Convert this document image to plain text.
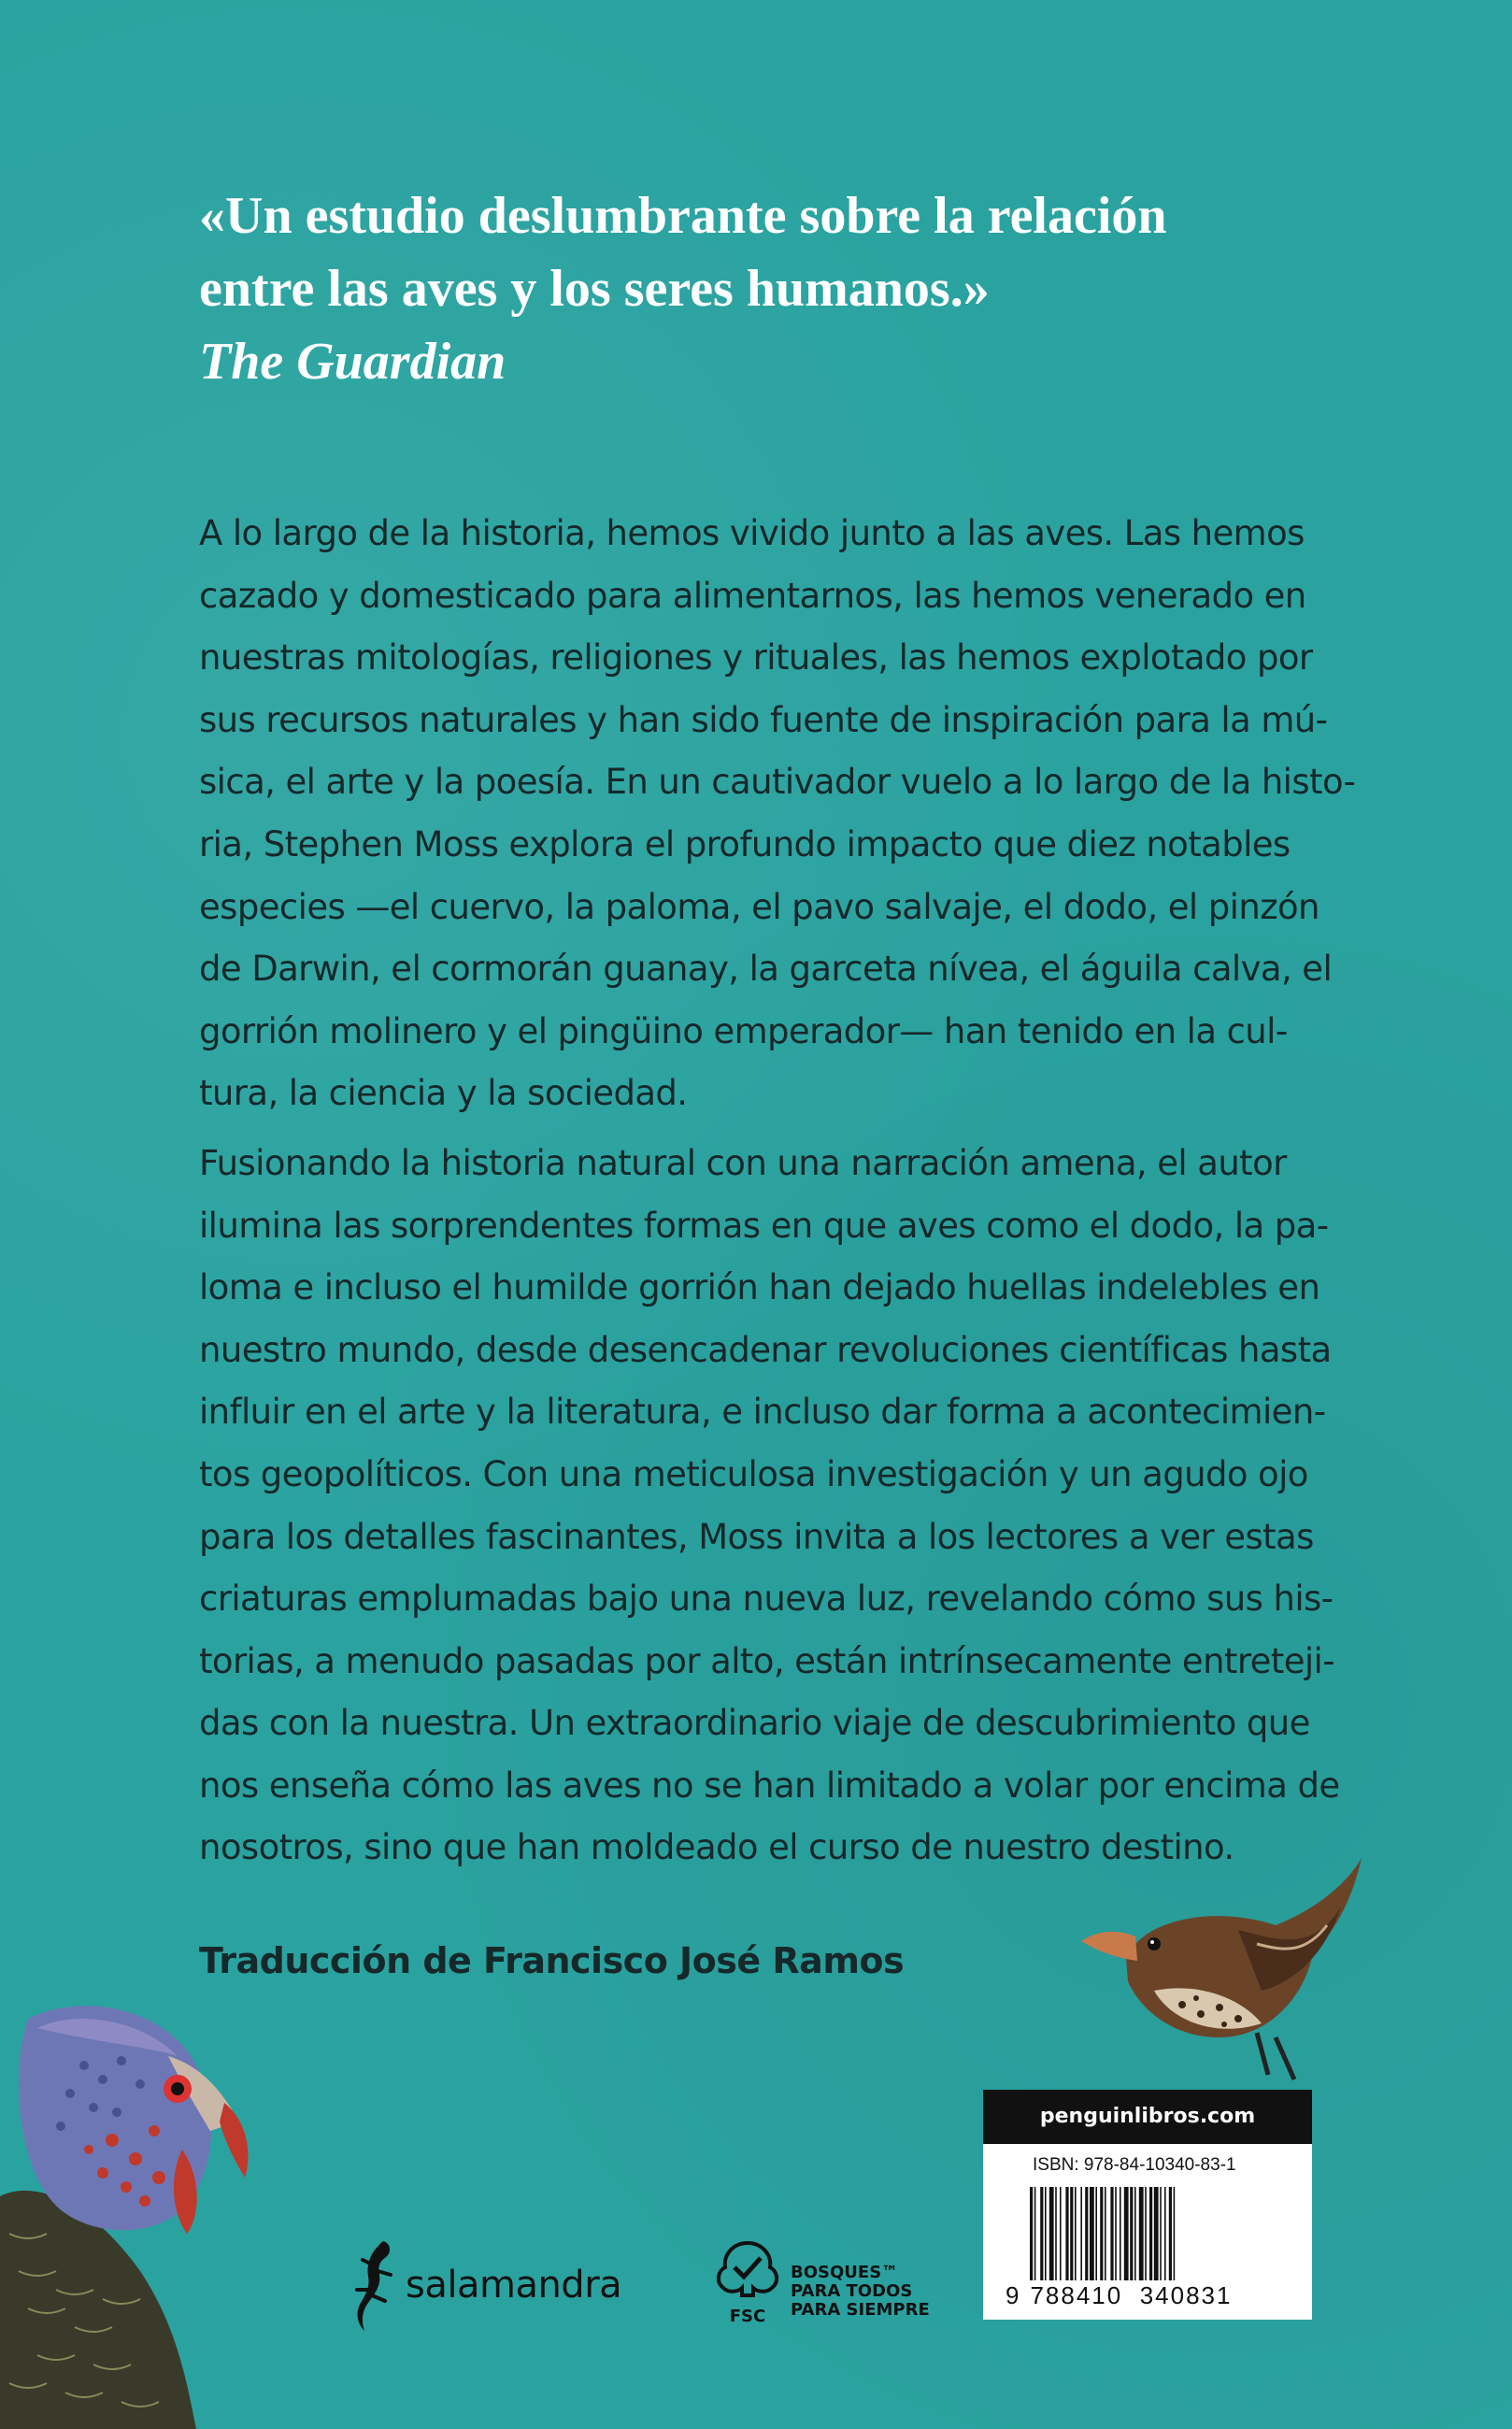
«Un estudio deslumbrante sobre la relación
entre las aves y los seres humanos.»
The Guardian

A lo largo de la historia, hemos vivido junto a las aves. Las hemos
cazado y domesticado para alimentarnos, las hemos venerado en
nuestras mitologías, religiones y rituales, las hemos explotado por
sus recursos naturales y han sido fuente de inspiración para la mú-
sica, el arte y la poesía. En un cautivador vuelo a lo largo de la histo-
ria, Stephen Moss explora el profundo impacto que diez notables
especies —el cuervo, la paloma, el pavo salvaje, el dodo, el pinzón
de Darwin, el cormorán guanay, la garceta nívea, el águila calva, el
gorrión molinero y el pingüino emperador— han tenido en la cul-
tura, la ciencia y la sociedad.

Fusionando la historia natural con una narración amena, el autor
ilumina las sorprendentes formas en que aves como el dodo, la pa-
loma e incluso el humilde gorrión han dejado huellas indelebles en
nuestro mundo, desde desencadenar revoluciones científicas hasta
influir en el arte y la literatura, e incluso dar forma a acontecimien-
tos geopolíticos. Con una meticulosa investigación y un agudo ojo
para los detalles fascinantes, Moss invita a los lectores a ver estas
criaturas emplumadas bajo una nueva luz, revelando cómo sus his-
torias, a menudo pasadas por alto, están intrínsecamente entreteji-
das con la nuestra. Un extraordinario viaje de descubrimiento que
nos enseña cómo las aves no se han limitado a volar por encima de
nosotros, sino que han moldeado el curso de nuestro destino.

Traducción de Francisco José Ramos
salamandra
FSC
BOSQUES™
PARA TODOS
PARA SIEMPRE
penguinlibros.com
ISBN: 978-84-10340-83-1
9 788410 340831
